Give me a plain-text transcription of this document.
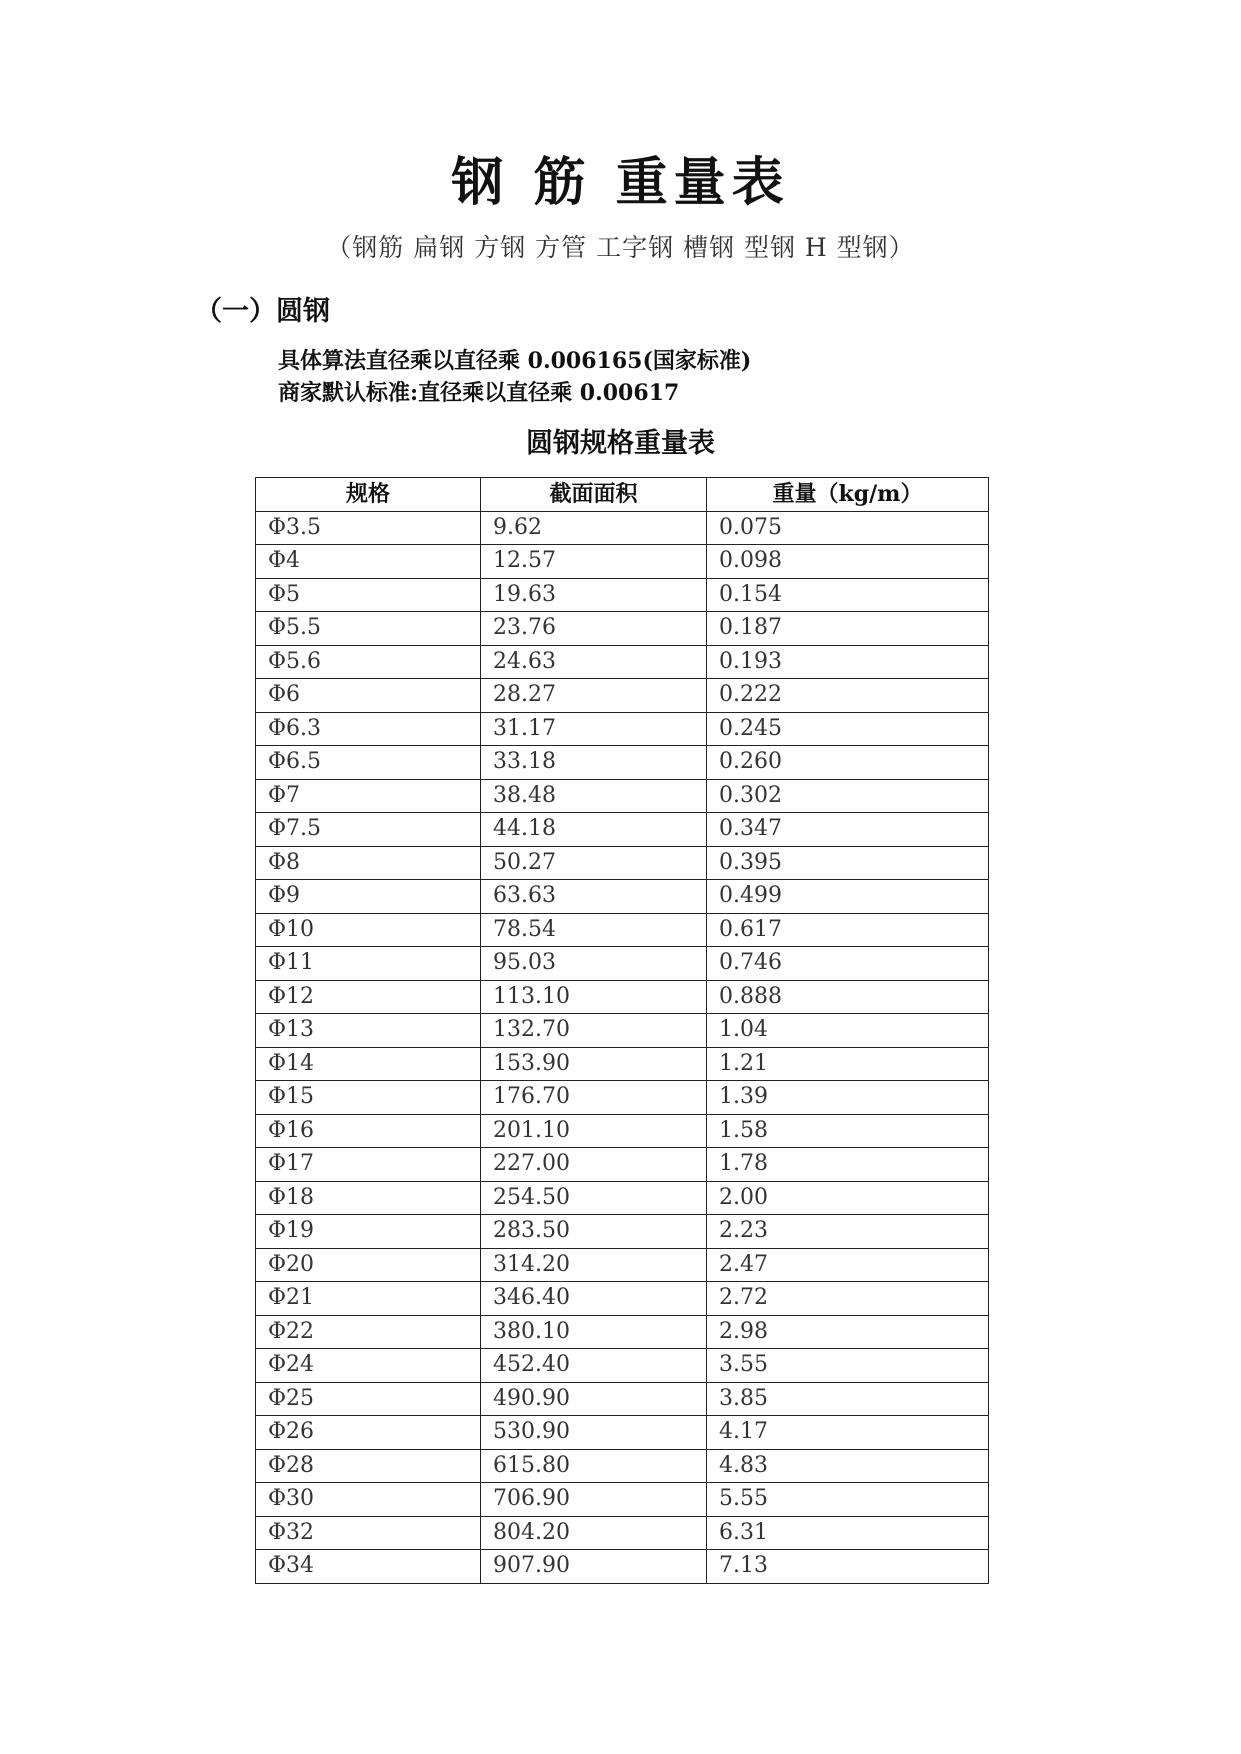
钢 筋 重量表
（钢筋 扁钢 方钢 方管 工字钢 槽钢 型钢 H 型钢）
（一）圆钢
具体算法直径乘以直径乘 0.006165(国家标准)
商家默认标准:直径乘以直径乘 0.00617
圆钢规格重量表
规格	截面面积	重量（kg/m）
Φ3.5	9.62	0.075
Φ4	12.57	0.098
Φ5	19.63	0.154
Φ5.5	23.76	0.187
Φ5.6	24.63	0.193
Φ6	28.27	0.222
Φ6.3	31.17	0.245
Φ6.5	33.18	0.260
Φ7	38.48	0.302
Φ7.5	44.18	0.347
Φ8	50.27	0.395
Φ9	63.63	0.499
Φ10	78.54	0.617
Φ11	95.03	0.746
Φ12	113.10	0.888
Φ13	132.70	1.04
Φ14	153.90	1.21
Φ15	176.70	1.39
Φ16	201.10	1.58
Φ17	227.00	1.78
Φ18	254.50	2.00
Φ19	283.50	2.23
Φ20	314.20	2.47
Φ21	346.40	2.72
Φ22	380.10	2.98
Φ24	452.40	3.55
Φ25	490.90	3.85
Φ26	530.90	4.17
Φ28	615.80	4.83
Φ30	706.90	5.55
Φ32	804.20	6.31
Φ34	907.90	7.13
